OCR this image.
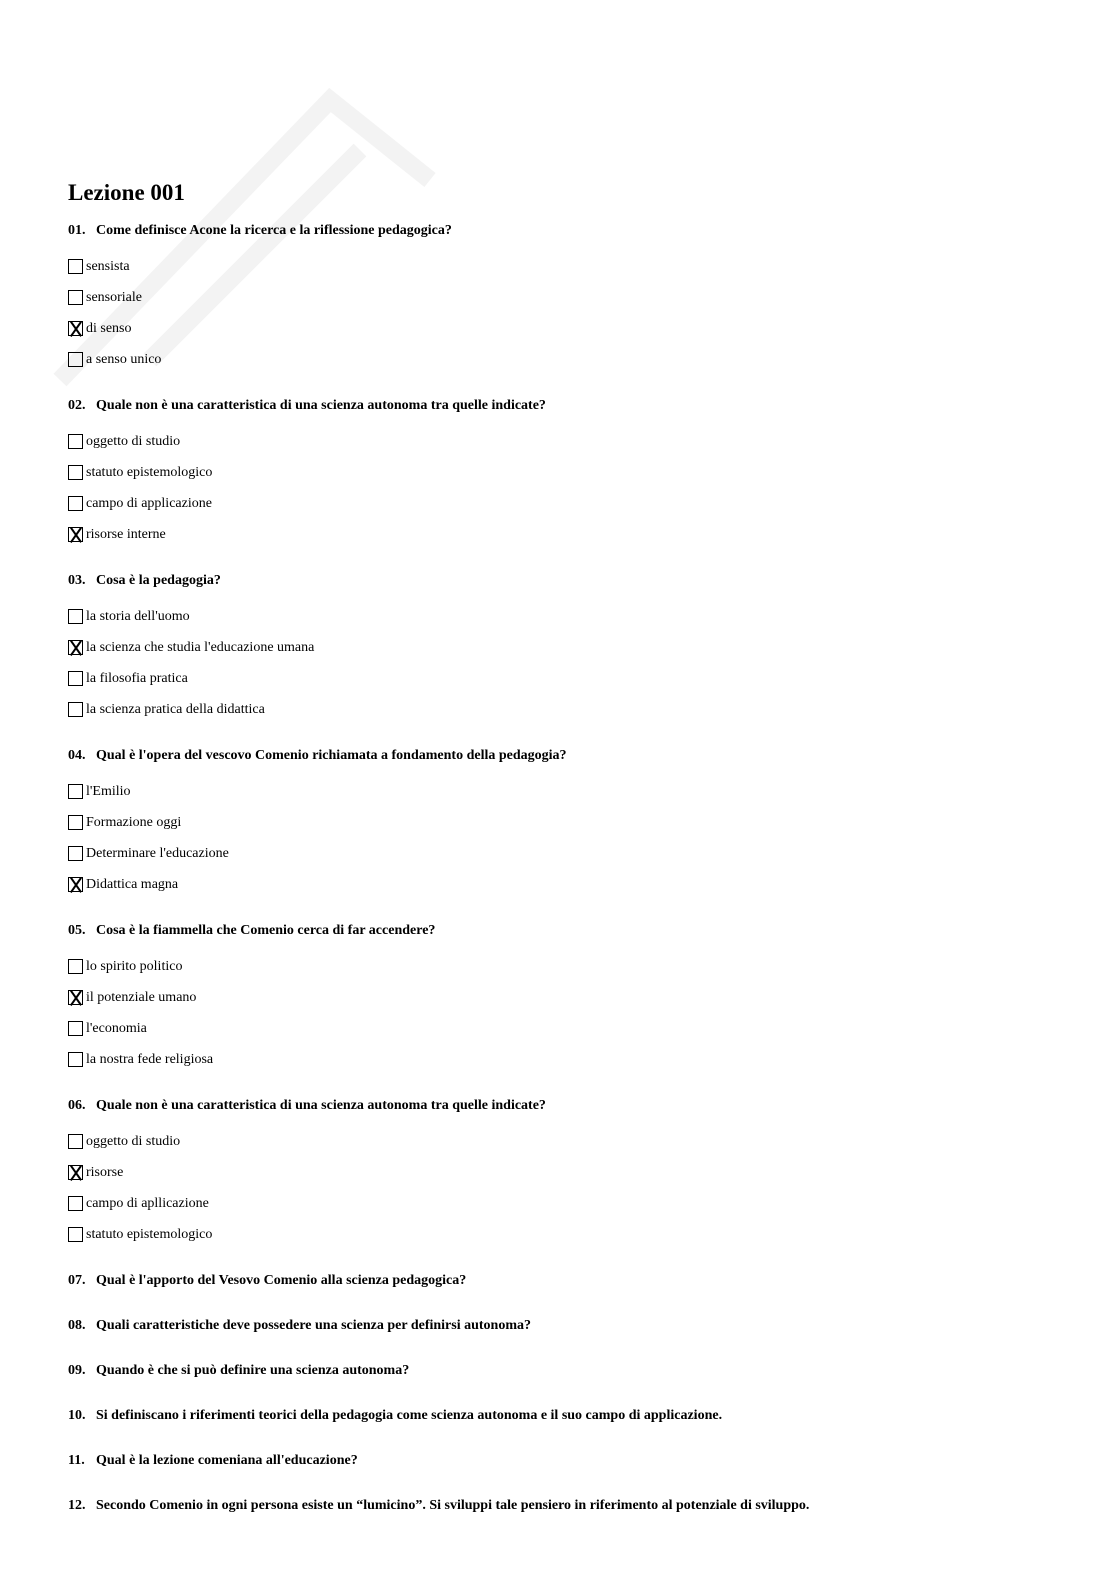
Lezione 001
01. Come definisce Acone la ricerca e la riflessione pedagogica?
sensista
sensoriale
di senso
a senso unico
02. Quale non è una caratteristica di una scienza autonoma tra quelle indicate?
oggetto di studio
statuto epistemologico
campo di applicazione
risorse interne
03. Cosa è la pedagogia?
la storia dell'uomo
la scienza che studia l'educazione umana
la filosofia pratica
la scienza pratica della didattica
04. Qual è l'opera del vescovo Comenio richiamata a fondamento della pedagogia?
l'Emilio
Formazione oggi
Determinare l'educazione
Didattica magna
05. Cosa è la fiammella che Comenio cerca di far accendere?
lo spirito politico
il potenziale umano
l'economia
la nostra fede religiosa
06. Quale non è una caratteristica di una scienza autonoma tra quelle indicate?
oggetto di studio
risorse
campo di apllicazione
statuto epistemologico
07. Qual è l'apporto del Vesovo Comenio alla scienza pedagogica?
08. Quali caratteristiche deve possedere una scienza per definirsi autonoma?
09. Quando è che si può definire una scienza autonoma?
10. Si definiscano i riferimenti teorici della pedagogia come scienza autonoma e il suo campo di applicazione.
11. Qual è la lezione comeniana all'educazione?
12. Secondo Comenio in ogni persona esiste un “lumicino”. Si sviluppi tale pensiero in riferimento al potenziale di sviluppo.
